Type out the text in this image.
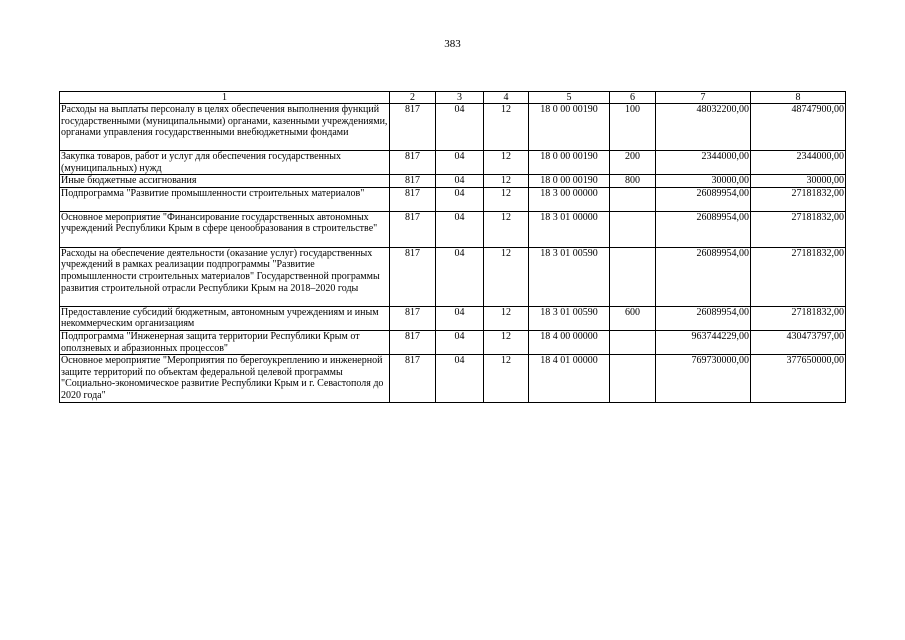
383
1	2	3	4	5	6	7	8
Расходы на выплаты персоналу в целях обеспечения выполнения функций государственными (муниципальными) органами, казенными учреждениями, органами управления государственными внебюджетными фондами	817	04	12	18 0 00 00190	100	48032200,00	48747900,00
Закупка товаров, работ и услуг для обеспечения государственных (муниципальных) нужд	817	04	12	18 0 00 00190	200	2344000,00	2344000,00
Иные бюджетные ассигнования	817	04	12	18 0 00 00190	800	30000,00	30000,00
Подпрограмма "Развитие промышленности строительных материалов"	817	04	12	18 3 00 00000		26089954,00	27181832,00
Основное мероприятие "Финансирование государственных автономных учреждений Республики Крым в сфере ценообразования в строительстве"	817	04	12	18 3 01 00000		26089954,00	27181832,00
Расходы на обеспечение деятельности (оказание услуг) государственных учреждений в рамках реализации подпрограммы "Развитие промышленности строительных материалов" Государственной программы развития строительной отрасли Республики Крым на 2018–2020 годы	817	04	12	18 3 01 00590		26089954,00	27181832,00
Предоставление субсидий бюджетным, автономным учреждениям и иным некоммерческим организациям	817	04	12	18 3 01 00590	600	26089954,00	27181832,00
Подпрограмма "Инженерная защита территории Республики Крым от оползневых и абразионных процессов"	817	04	12	18 4 00 00000		963744229,00	430473797,00
Основное мероприятие "Мероприятия по берегоукреплению и инженерной защите территорий по объектам федеральной целевой программы "Социально-экономическое развитие Республики Крым и г. Севастополя до 2020 года"	817	04	12	18 4 01 00000		769730000,00	377650000,00
